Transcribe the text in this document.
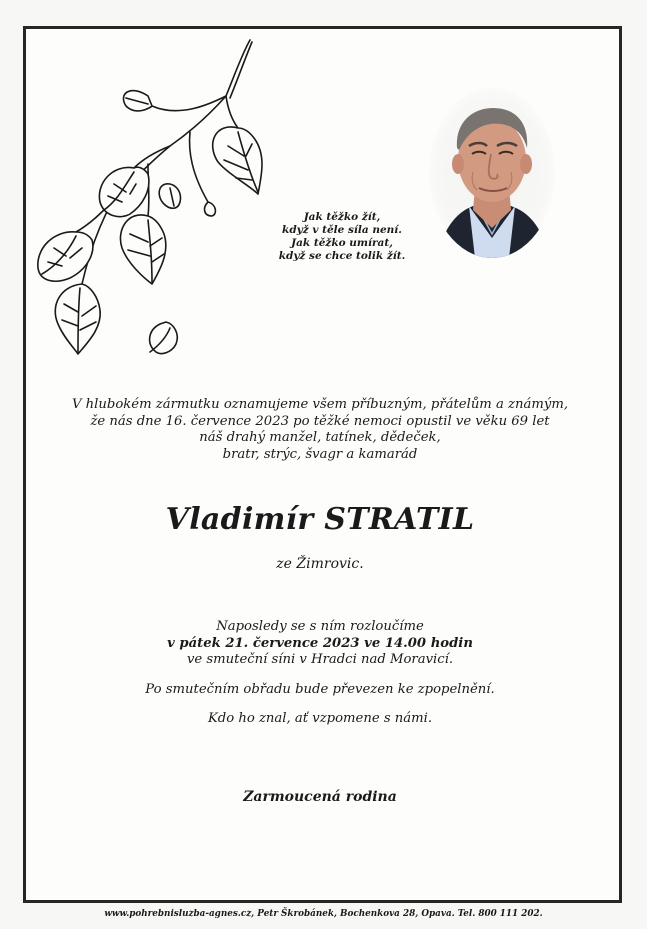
Jak těžko žít,
když v těle síla není.
Jak těžko umírat,
když se chce tolik žít.
V hlubokém zármutku oznamujeme všem příbuzným, přátelům a známým,
že nás dne 16. července 2023 po těžké nemoci opustil ve věku 69 let
náš drahý manžel, tatínek, dědeček,
bratr, strýc, švagr a kamarád
Vladimír STRATIL
ze Žimrovic.
Naposledy se s ním rozloučíme
v pátek 21. července 2023 ve 14.00 hodin
ve smuteční síni v Hradci nad Moravicí.
Po smutečním obřadu bude převezen ke zpopelnění.
Kdo ho znal, ať vzpomene s námi.
Zarmoucená rodina
www.pohrebnisluzba-agnes.cz, Petr Škrobánek, Bochenkova 28, Opava. Tel. 800 111 202.
